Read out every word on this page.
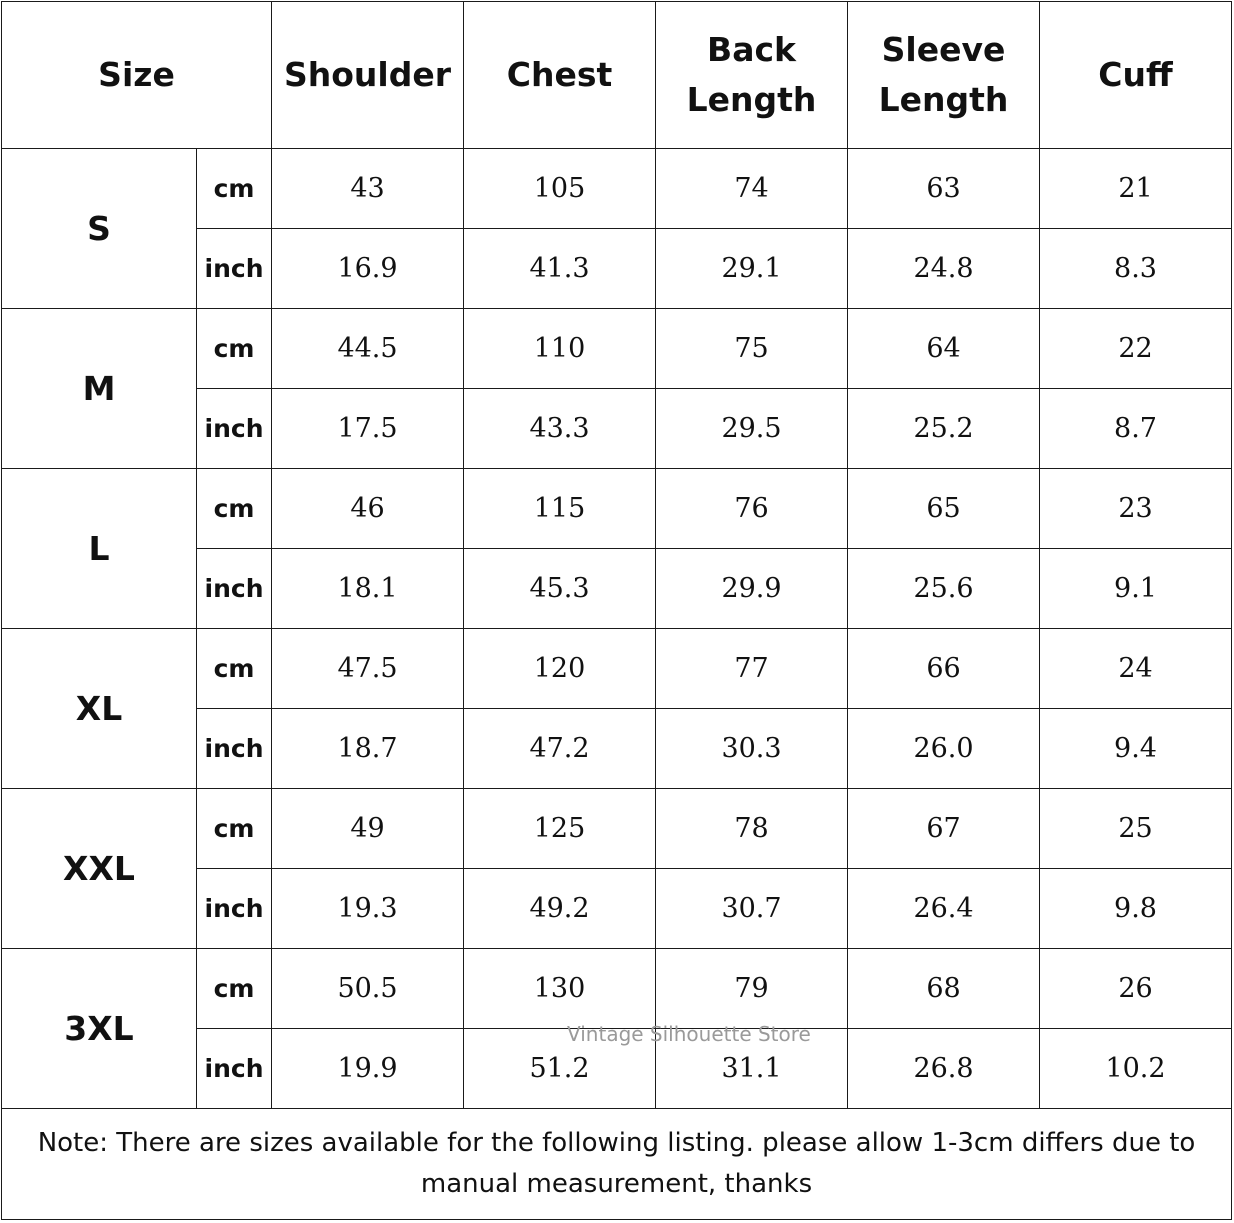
Size		Shoulder	Chest	Back Length	Sleeve Length	Cuff
S	cm	43	105	74	63	21
	inch	16.9	41.3	29.1	24.8	8.3
M	cm	44.5	110	75	64	22
	inch	17.5	43.3	29.5	25.2	8.7
L	cm	46	115	76	65	23
	inch	18.1	45.3	29.9	25.6	9.1
XL	cm	47.5	120	77	66	24
	inch	18.7	47.2	30.3	26.0	9.4
XXL	cm	49	125	78	67	25
	inch	19.3	49.2	30.7	26.4	9.8
3XL	cm	50.5	130	79	68	26
	inch	19.9	51.2	31.1	26.8	10.2
Note: There are sizes available for the following listing. please allow 1-3cm differs due to manual measurement, thanks						
Vintage Silhouette Store
